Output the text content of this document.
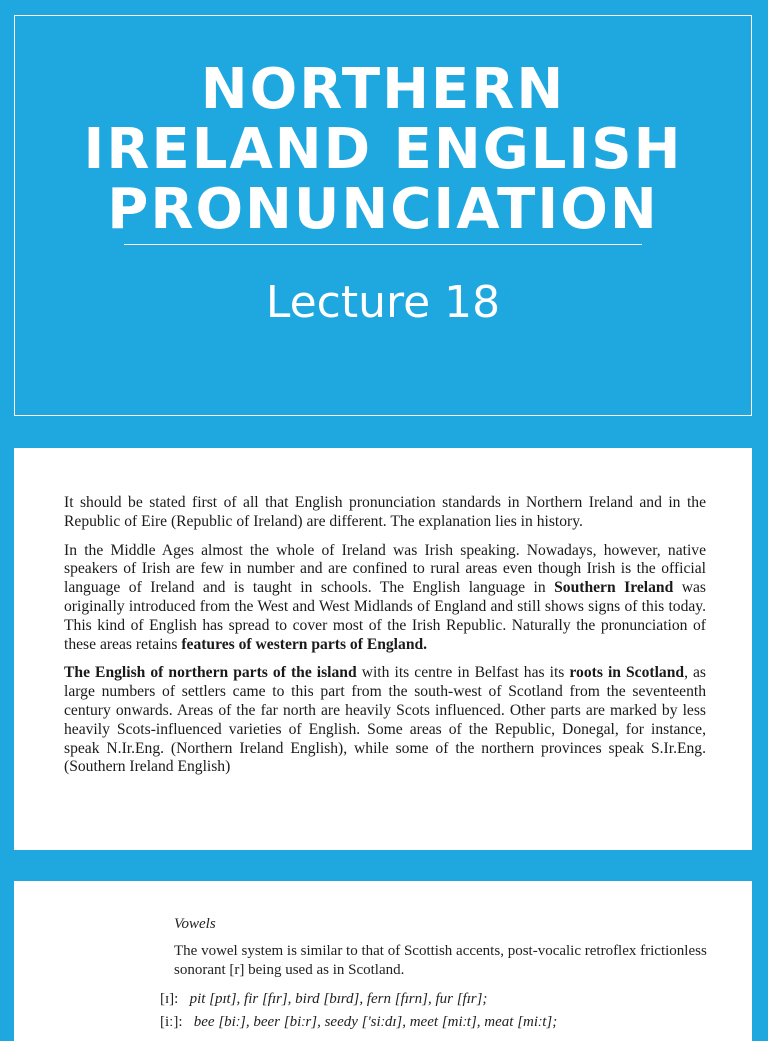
NORTHERN
IRELAND ENGLISH
PRONUNCIATION
Lecture 18

It should be stated first of all that English pronunciation standards in Northern Ireland and in the Republic of Eire (Republic of Ireland) are different. The explanation lies in history.

In the Middle Ages almost the whole of Ireland was Irish speaking. Nowadays, however, native speakers of Irish are few in number and are confined to rural areas even though Irish is the official language of Ireland and is taught in schools. The English language in Southern Ireland was originally introduced from the West and West Midlands of England and still shows signs of this today. This kind of English has spread to cover most of the Irish Republic. Naturally the pronunciation of these areas retains features of western parts of England.

The English of northern parts of the island with its centre in Belfast has its roots in Scotland, as large numbers of settlers came to this part from the south-west of Scotland from the seventeenth century onwards. Areas of the far north are heavily Scots influenced. Other parts are marked by less heavily Scots-influenced varieties of English. Some areas of the Republic, Donegal, for instance, speak N.Ir.Eng. (Northern Ireland English), while some of the northern provinces speak S.Ir.Eng. (Southern Ireland English)

Vowels
The vowel system is similar to that of Scottish accents, post-vocalic retroflex frictionless sonorant [r] being used as in Scotland.
[ɪ]: pit [pɪt], fir [fɪr], bird [bɪrd], fern [fɪrn], fur [fɪr];
[iː]: bee [biː], beer [biːr], seedy ['siːdɪ], meet [miːt], meat [miːt];
